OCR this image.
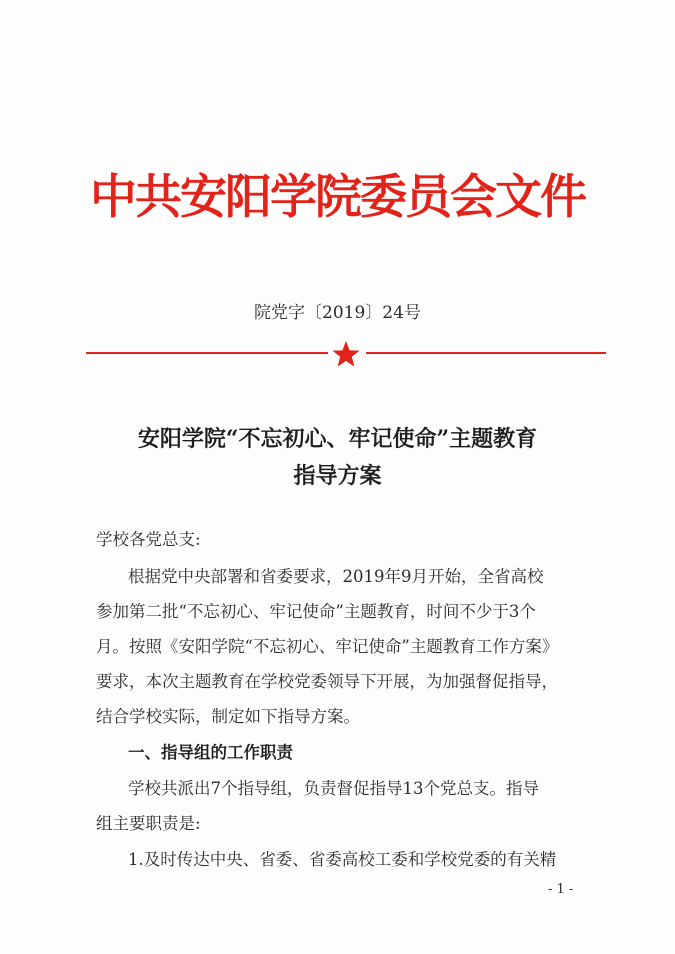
中共安阳学院委员会文件
院党字〔2019〕24号
安阳学院“不忘初心、牢记使命”主题教育
指导方案
学校各党总支:
根据党中央部署和省委要求，2019年9月开始，全省高校
参加第二批“不忘初心、牢记使命”主题教育，时间不少于3个
月。按照《安阳学院“不忘初心、牢记使命”主题教育工作方案》
要求，本次主题教育在学校党委领导下开展，为加强督促指导，
结合学校实际，制定如下指导方案。
一、指导组的工作职责
学校共派出7个指导组，负责督促指导13个党总支。指导
组主要职责是:
1.及时传达中央、省委、省委高校工委和学校党委的有关精
- 1 -
